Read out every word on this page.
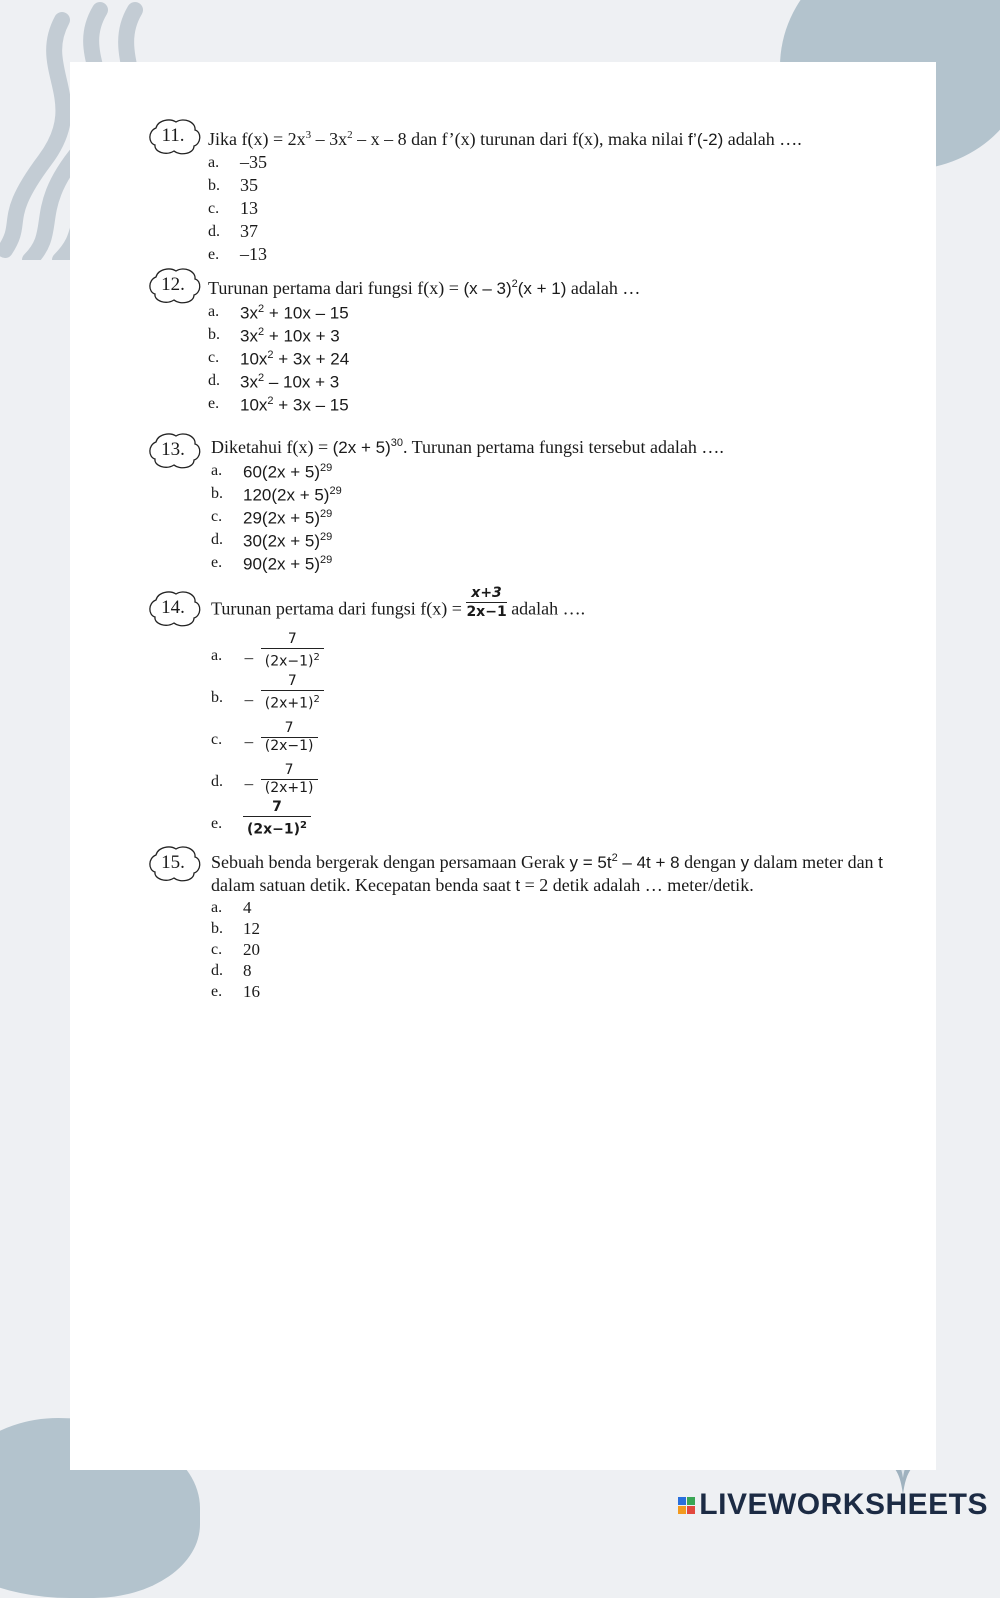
11.	Jika $f(x) = 2x^3 - 3x^2 - x - 8$ dan f’(x) turunan dari f(x), maka nilai f’(-2) adalah ….
a.	–35
b.	35
c.	13
d.	37
e.	–13
12.	Turunan pertama dari fungsi f(x) = (x – 3)$^2$(x + 1) adalah …
a.	$3x^2 + 10x - 15$
b.	$3x^2 + 10x + 3$
c.	$10x^2 + 3x + 24$
d.	$3x^2 - 10x + 3$
e.	$10x^2 + 3x - 15$
13.	Diketahui $f(x) = (2x + 5)^{30}$. Turunan pertama fungsi tersebut adalah ….
a.	$60(2x + 5)^{29}$
b.	$120(2x + 5)^{29}$
c.	$29(2x + 5)^{29}$
d.	$30(2x + 5)^{29}$
e.	$90(2x + 5)^{29}$
14.	Turunan pertama dari fungsi $f(x) = \frac{x+3}{2x-1}$ adalah ….
a.	− $\frac{7}{(2x-1)^2}$
b.	− $\frac{7}{(2x+1)^2}$
c.	− $\frac{7}{(2x-1)}$
d.	− $\frac{7}{(2x+1)}$
e.	$\frac{7}{(2x-1)^2}$
15.	Sebuah benda bergerak dengan persamaan Gerak $y = 5t^2 - 4t + 8$ dengan y dalam meter dan t
dalam satuan detik. Kecepatan benda saat t = 2 detik adalah … meter/detik.
a.	4
b.	12
c.	20
d.	8
e.	16
LIVEWORKSHEETS
